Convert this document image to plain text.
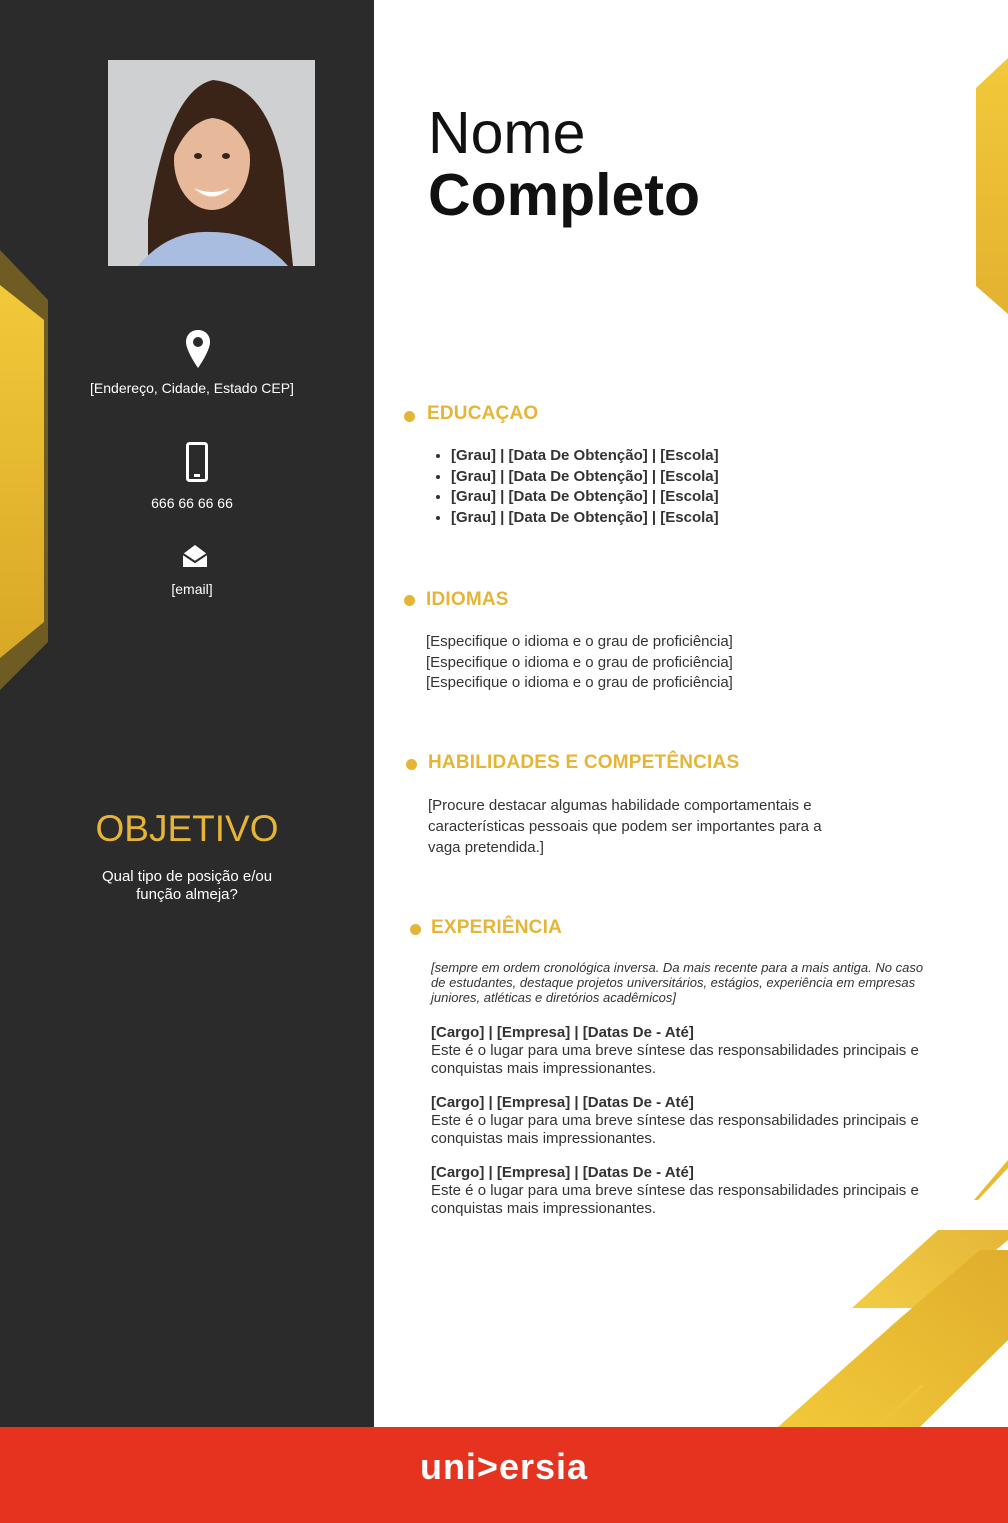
[Endereço, Cidade, Estado CEP]
666 66 66 66
[email]
OBJETIVO
Qual tipo de posição e/ou função almeja?
Nome
Completo
EDUCAÇAO
• [Grau] | [Data De Obtenção] | [Escola]
• [Grau] | [Data De Obtenção] | [Escola]
• [Grau] | [Data De Obtenção] | [Escola]
• [Grau] | [Data De Obtenção] | [Escola]
IDIOMAS
[Especifique o idioma e o grau de proficiência]
[Especifique o idioma e o grau de proficiência]
[Especifique o idioma e o grau de proficiência]
HABILIDADES E COMPETÊNCIAS
[Procure destacar algumas habilidade comportamentais e características pessoais que podem ser importantes para a vaga pretendida.]
EXPERIÊNCIA
[sempre em ordem cronológica inversa. Da mais recente para a mais antiga. No caso de estudantes, destaque projetos universitários, estágios, experiência em empresas juniores, atléticas e diretórios acadêmicos]
[Cargo] | [Empresa] | [Datas De - Até]
Este é o lugar para uma breve síntese das responsabilidades principais e conquistas mais impressionantes.
[Cargo] | [Empresa] | [Datas De - Até]
Este é o lugar para uma breve síntese das responsabilidades principais e conquistas mais impressionantes.
[Cargo] | [Empresa] | [Datas De - Até]
Este é o lugar para uma breve síntese das responsabilidades principais e conquistas mais impressionantes.
uni>ersia
